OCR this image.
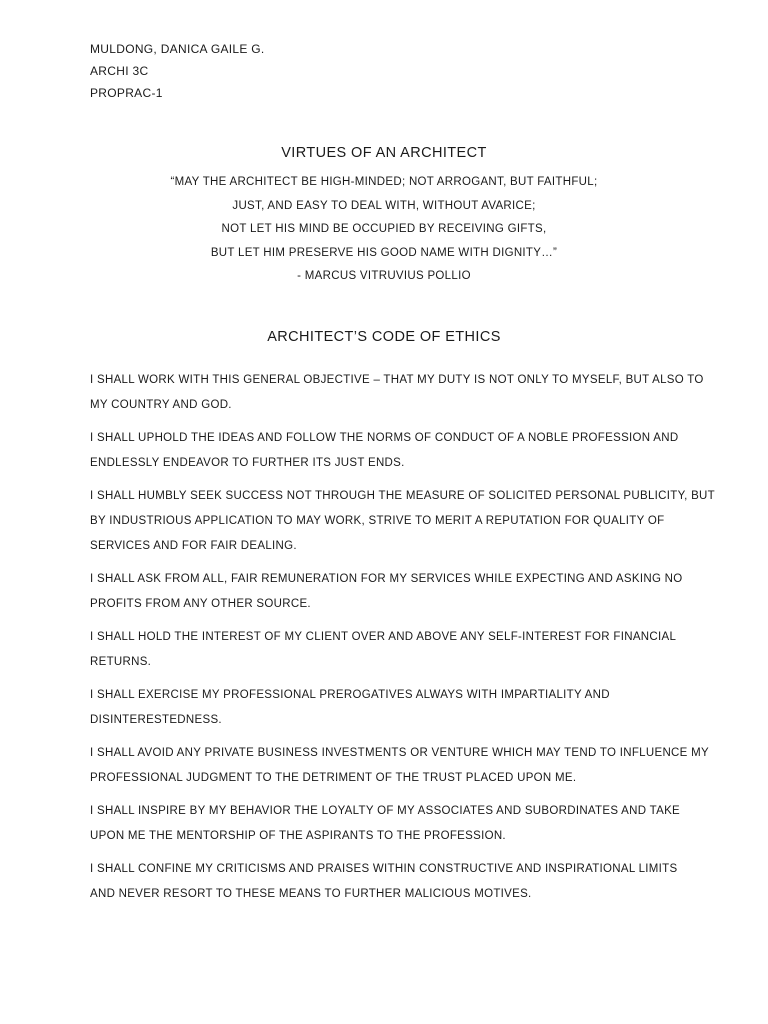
MULDONG, DANICA GAILE G.
ARCHI 3C
PROPRAC-1
VIRTUES OF AN ARCHITECT
“MAY THE ARCHITECT BE HIGH-MINDED; NOT ARROGANT, BUT FAITHFUL;
JUST, AND EASY TO DEAL WITH, WITHOUT AVARICE;
NOT LET HIS MIND BE OCCUPIED BY RECEIVING GIFTS,
BUT LET HIM PRESERVE HIS GOOD NAME WITH DIGNITY…”
- MARCUS VITRUVIUS POLLIO
ARCHITECT’S CODE OF ETHICS
I SHALL WORK WITH THIS GENERAL OBJECTIVE – THAT MY DUTY IS NOT ONLY TO MYSELF, BUT ALSO TO
MY COUNTRY AND GOD.
I SHALL UPHOLD THE IDEAS AND FOLLOW THE NORMS OF CONDUCT OF A NOBLE PROFESSION AND
ENDLESSLY ENDEAVOR TO FURTHER ITS JUST ENDS.
I SHALL HUMBLY SEEK SUCCESS NOT THROUGH THE MEASURE OF SOLICITED PERSONAL PUBLICITY, BUT
BY INDUSTRIOUS APPLICATION TO MAY WORK, STRIVE TO MERIT A REPUTATION FOR QUALITY OF
SERVICES AND FOR FAIR DEALING.
I SHALL ASK FROM ALL, FAIR REMUNERATION FOR MY SERVICES WHILE EXPECTING AND ASKING NO
PROFITS FROM ANY OTHER SOURCE.
I SHALL HOLD THE INTEREST OF MY CLIENT OVER AND ABOVE ANY SELF-INTEREST FOR FINANCIAL
RETURNS.
I SHALL EXERCISE MY PROFESSIONAL PREROGATIVES ALWAYS WITH IMPARTIALITY AND
DISINTERESTEDNESS.
I SHALL AVOID ANY PRIVATE BUSINESS INVESTMENTS OR VENTURE WHICH MAY TEND TO INFLUENCE MY
PROFESSIONAL JUDGMENT TO THE DETRIMENT OF THE TRUST PLACED UPON ME.
I SHALL INSPIRE BY MY BEHAVIOR THE LOYALTY OF MY ASSOCIATES AND SUBORDINATES AND TAKE
UPON ME THE MENTORSHIP OF THE ASPIRANTS TO THE PROFESSION.
I SHALL CONFINE MY CRITICISMS AND PRAISES WITHIN CONSTRUCTIVE AND INSPIRATIONAL LIMITS
AND NEVER RESORT TO THESE MEANS TO FURTHER MALICIOUS MOTIVES.
